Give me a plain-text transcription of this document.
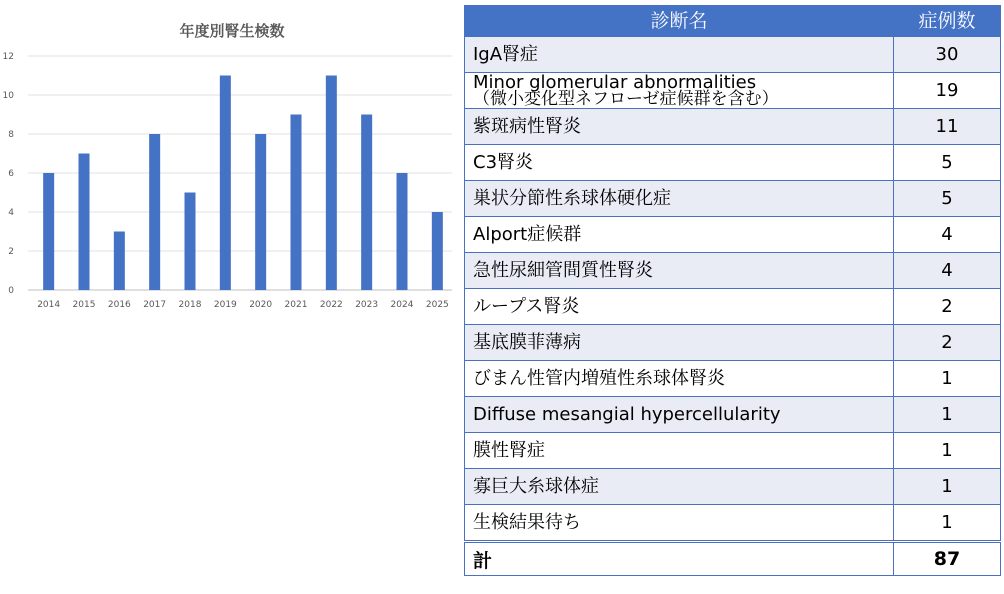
年度別腎生検数
0
2
4
6
8
10
12
2014 2015 2016 2017 2018 2019 2020 2021 2022 2023 2024 2025
診断名	症例数
IgA腎症	30

Minor glomerular abnormalities
（微小変化型ネフローゼ症候群を含む）	19
紫斑病性腎炎	11
C3腎炎	5
巣状分節性糸球体硬化症	5
Alport症候群	4
急性尿細管間質性腎炎	4
ループス腎炎	2
基底膜菲薄病	2
びまん性管内増殖性糸球体腎炎	1
Diffuse mesangial hypercellularity	1
膜性腎症	1
寡巨大糸球体症	1
生検結果待ち	1
計	87
